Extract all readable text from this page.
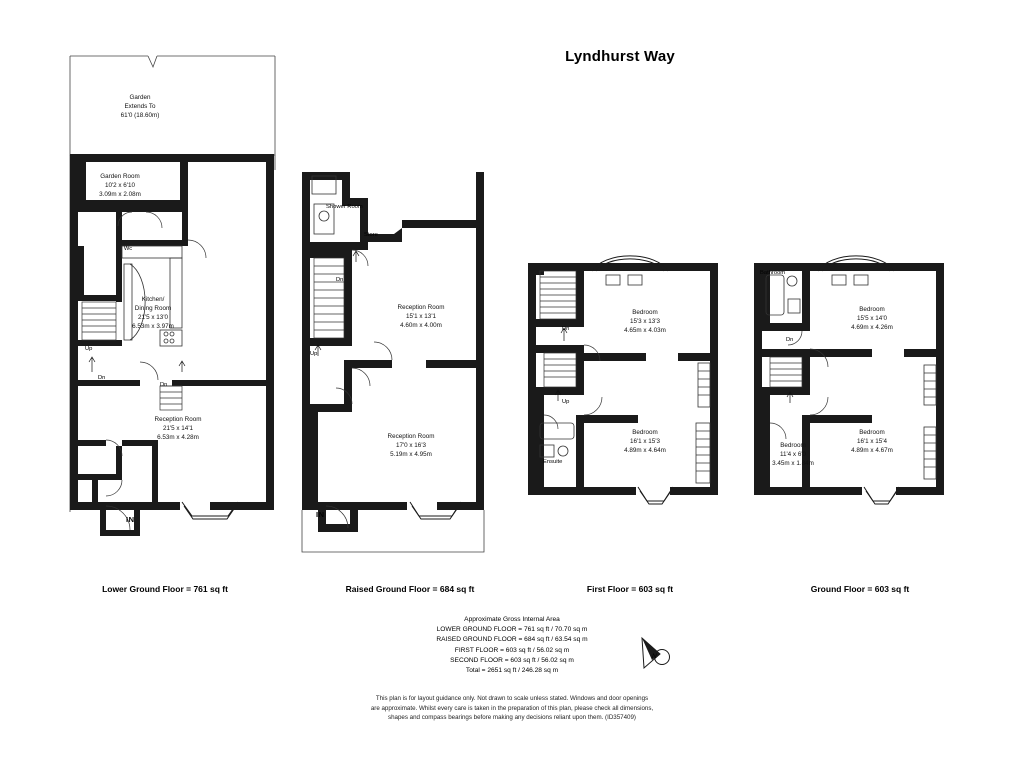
Lyndhurst Way
Garden
Extends To
61'0 (18.60m)
Garden Room
10'2 x 6'10
3.09m x 2.08m
Wc
Kitchen/
Dining Room
21'5 x 13'0
6.53m x 3.97m
Reception Room
21'5 x 14'1
6.53m x 4.28m
Up
Dn
Dn
IN
Lower Ground Floor = 761 sq ft
Shower Room
Store
Dn
Up
Reception Room
15'1 x 13'1
4.60m x 4.00m
Reception Room
17'0 x 16'3
5.19m x 4.95m
IN
Raised Ground Floor = 684 sq ft
Bedroom
15'3 x 13'3
4.65m x 4.03m
Bedroom
16'1 x 15'3
4.89m x 4.64m
Ensuite
Dn
Up
First Floor = 603 sq ft
Bathroom
Bedroom
15'5 x 14'0
4.69m x 4.26m
Bedroom
11'4 x 6'0
3.45m x 1.84m
Bedroom
16'1 x 15'4
4.89m x 4.67m
Dn
Ground Floor = 603 sq ft
Approximate Gross Internal Area
LOWER GROUND FLOOR = 761 sq ft / 70.70 sq m
RAISED GROUND FLOOR = 684 sq ft / 63.54 sq m
FIRST FLOOR = 603 sq ft / 56.02 sq m
SECOND FLOOR = 603 sq ft / 56.02 sq m
Total = 2651 sq ft / 246.28 sq m
N
This plan is for layout guidance only. Not drawn to scale unless stated. Windows and door openings
are approximate. Whilst every care is taken in the preparation of this plan, please check all dimensions,
shapes and compass bearings before making any decisions reliant upon them. (ID357409)
